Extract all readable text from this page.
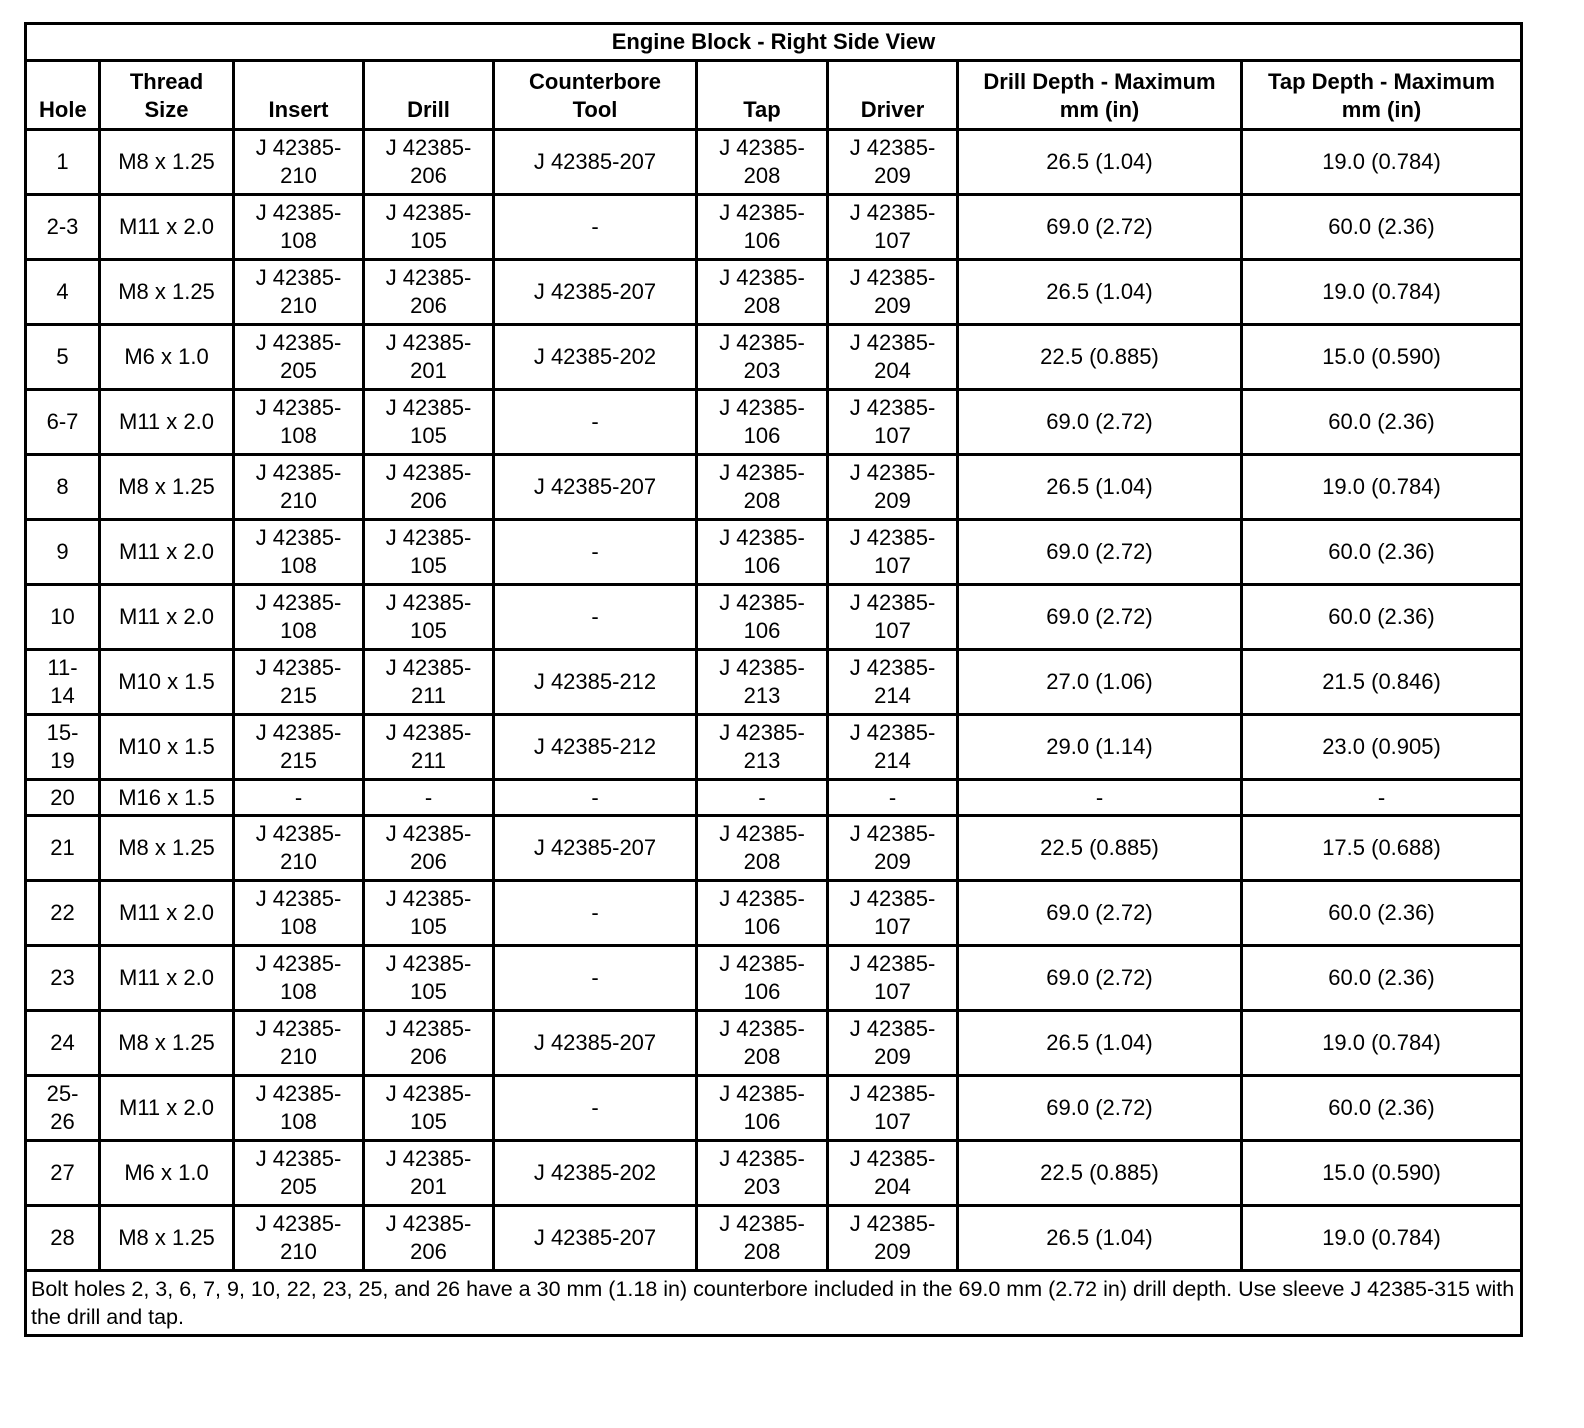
Engine Block - Right Side View								
Hole	Thread Size	Insert	Drill	Counterbore Tool	Tap	Driver	Drill Depth - Maximum mm (in)	Tap Depth - Maximum mm (in)
1	M8 x 1.25	J 42385-210	J 42385-206	J 42385-207	J 42385-208	J 42385-209	26.5 (1.04)	19.0 (0.784)
2-3	M11 x 2.0	J 42385-108	J 42385-105	-	J 42385-106	J 42385-107	69.0 (2.72)	60.0 (2.36)
4	M8 x 1.25	J 42385-210	J 42385-206	J 42385-207	J 42385-208	J 42385-209	26.5 (1.04)	19.0 (0.784)
5	M6 x 1.0	J 42385-205	J 42385-201	J 42385-202	J 42385-203	J 42385-204	22.5 (0.885)	15.0 (0.590)
6-7	M11 x 2.0	J 42385-108	J 42385-105	-	J 42385-106	J 42385-107	69.0 (2.72)	60.0 (2.36)
8	M8 x 1.25	J 42385-210	J 42385-206	J 42385-207	J 42385-208	J 42385-209	26.5 (1.04)	19.0 (0.784)
9	M11 x 2.0	J 42385-108	J 42385-105	-	J 42385-106	J 42385-107	69.0 (2.72)	60.0 (2.36)
10	M11 x 2.0	J 42385-108	J 42385-105	-	J 42385-106	J 42385-107	69.0 (2.72)	60.0 (2.36)
11-14	M10 x 1.5	J 42385-215	J 42385-211	J 42385-212	J 42385-213	J 42385-214	27.0 (1.06)	21.5 (0.846)
15-19	M10 x 1.5	J 42385-215	J 42385-211	J 42385-212	J 42385-213	J 42385-214	29.0 (1.14)	23.0 (0.905)
20	M16 x 1.5	-	-	-	-	-	-	-
21	M8 x 1.25	J 42385-210	J 42385-206	J 42385-207	J 42385-208	J 42385-209	22.5 (0.885)	17.5 (0.688)
22	M11 x 2.0	J 42385-108	J 42385-105	-	J 42385-106	J 42385-107	69.0 (2.72)	60.0 (2.36)
23	M11 x 2.0	J 42385-108	J 42385-105	-	J 42385-106	J 42385-107	69.0 (2.72)	60.0 (2.36)
24	M8 x 1.25	J 42385-210	J 42385-206	J 42385-207	J 42385-208	J 42385-209	26.5 (1.04)	19.0 (0.784)
25-26	M11 x 2.0	J 42385-108	J 42385-105	-	J 42385-106	J 42385-107	69.0 (2.72)	60.0 (2.36)
27	M6 x 1.0	J 42385-205	J 42385-201	J 42385-202	J 42385-203	J 42385-204	22.5 (0.885)	15.0 (0.590)
28	M8 x 1.25	J 42385-210	J 42385-206	J 42385-207	J 42385-208	J 42385-209	26.5 (1.04)	19.0 (0.784)
Bolt holes 2, 3, 6, 7, 9, 10, 22, 23, 25, and 26 have a 30 mm (1.18 in) counterbore included in the 69.0 mm (2.72 in) drill depth. Use sleeve J 42385-315 with the drill and tap.								
